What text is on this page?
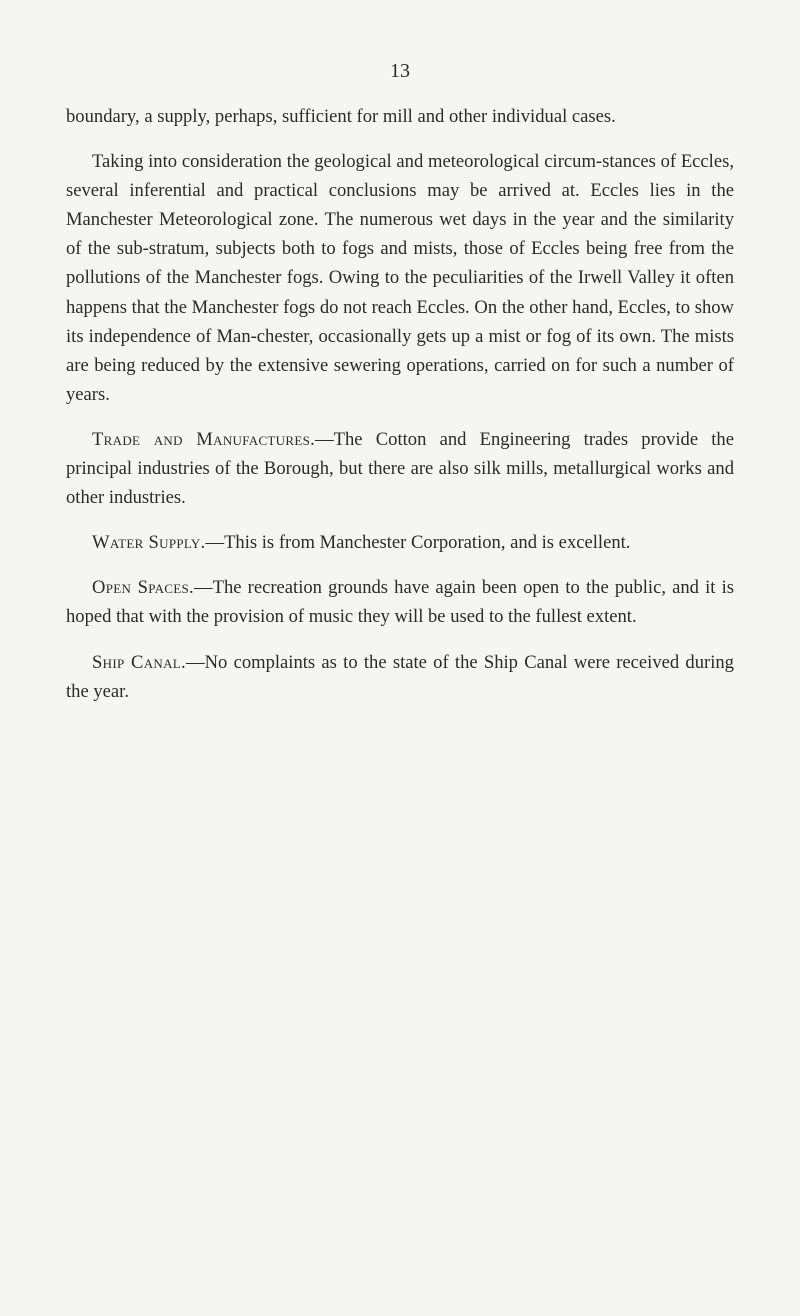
13

boundary, a supply, perhaps, sufficient for mill and other individual cases.

Taking into consideration the geological and meteorological circum-stances of Eccles, several inferential and practical conclusions may be arrived at. Eccles lies in the Manchester Meteorological zone. The numerous wet days in the year and the similarity of the sub-stratum, subjects both to fogs and mists, those of Eccles being free from the pollutions of the Manchester fogs. Owing to the peculiarities of the Irwell Valley it often happens that the Manchester fogs do not reach Eccles. On the other hand, Eccles, to show its independence of Man-chester, occasionally gets up a mist or fog of its own. The mists are being reduced by the extensive sewering operations, carried on for such a number of years.

Trade and Manufactures.—The Cotton and Engineering trades provide the principal industries of the Borough, but there are also silk mills, metallurgical works and other industries.

Water Supply.—This is from Manchester Corporation, and is excellent.

Open Spaces.—The recreation grounds have again been open to the public, and it is hoped that with the provision of music they will be used to the fullest extent.

Ship Canal.—No complaints as to the state of the Ship Canal were received during the year.
